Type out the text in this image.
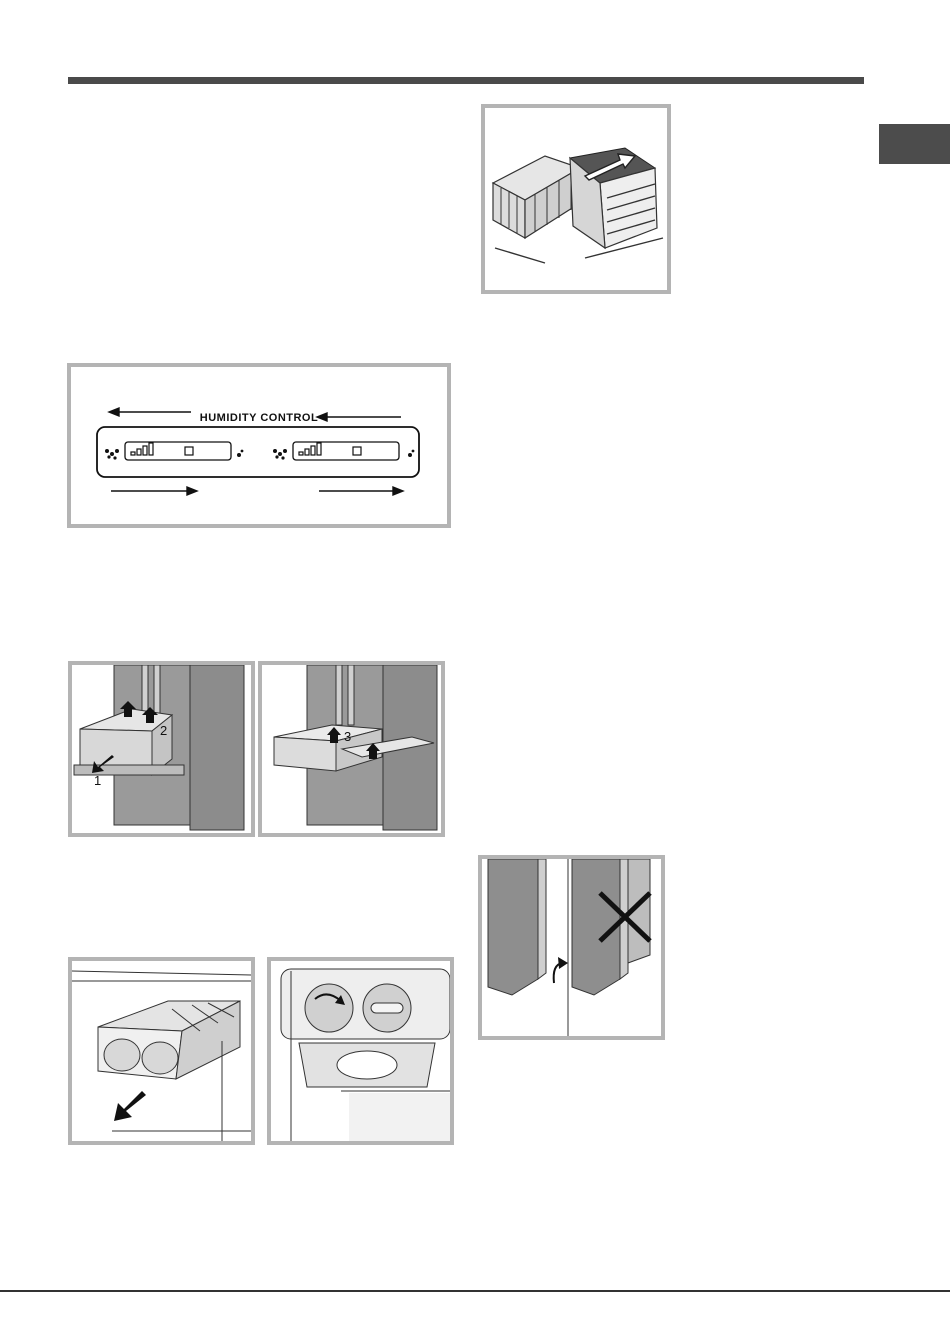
HUMIDITY CONTROL
2
1
3
